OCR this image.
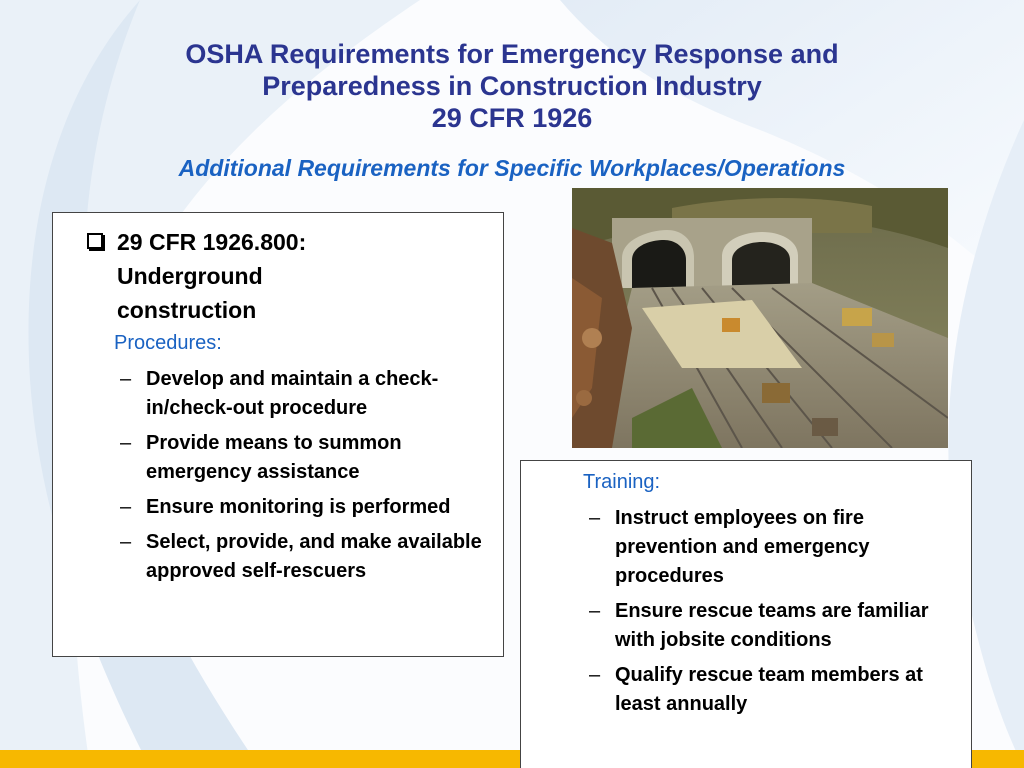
OSHA Requirements for Emergency Response and
Preparedness in Construction Industry
29 CFR 1926
Additional Requirements for Specific Workplaces/Operations
29 CFR 1926.800:
Underground
construction
Procedures:
– Develop and maintain a check-in/check-out procedure
– Provide means to summon emergency assistance
– Ensure monitoring is performed
– Select, provide, and make available approved self-rescuers
Training:
– Instruct employees on fire prevention and emergency procedures
– Ensure rescue teams are familiar with jobsite conditions
– Qualify rescue team members at least annually
